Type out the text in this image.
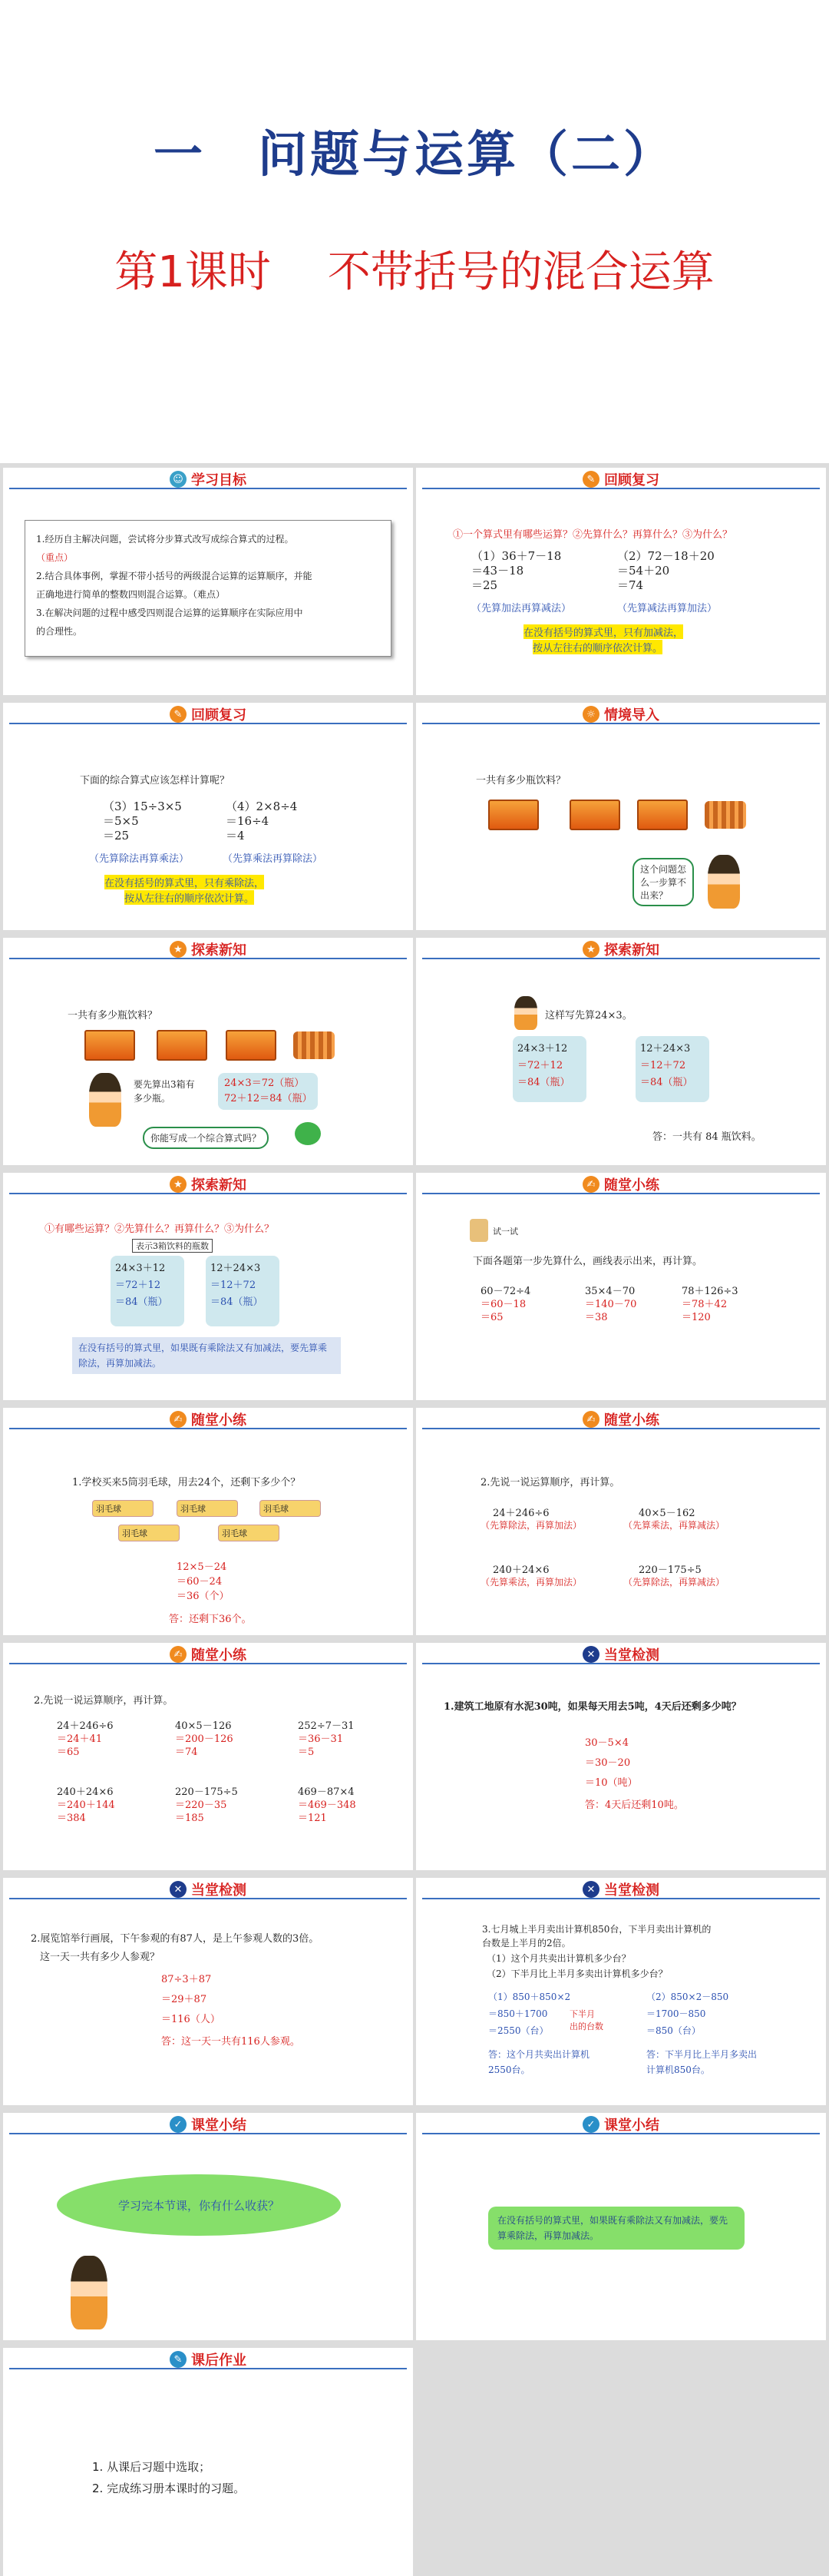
一　问题与运算（二）
第1课时　 不带括号的混合运算
☺ 学习目标
1.经历自主解决问题，尝试将分步算式改写成综合算式的过程。
（重点）
2.结合具体事例，掌握不带小括号的两级混合运算的运算顺序，并能
正确地进行简单的整数四则混合运算。（难点）
3.在解决问题的过程中感受四则混合运算的运算顺序在实际应用中
的合理性。
✎ 回顾复习
①一个算式里有哪些运算？②先算什么？再算什么？③为什么？
（1）36＋7－18
＝43－18
＝25
（2）72－18＋20
＝54＋20
＝74
（先算加法再算减法）	（先算减法再算加法）
在没有括号的算式里，只有加减法，
按从左往右的顺序依次计算。
✎ 回顾复习
下面的综合算式应该怎样计算呢？
（3）15÷3×5
＝5×5
＝25
（4）2×8÷4
＝16÷4
＝4
（先算除法再算乘法）	（先算乘法再算除法）
在没有括号的算式里，只有乘除法，
按从左往右的顺序依次计算。
☼ 情境导入
一共有多少瓶饮料？
这个问题怎么一步算不出来？
★ 探索新知
一共有多少瓶饮料？
要先算出3箱有多少瓶。
24×3＝72（瓶）
72＋12＝84（瓶）
你能写成一个综合算式吗？
★ 探索新知
这样写先算24×3。
24×3＋12
＝72＋12
＝84（瓶）
12＋24×3
＝12＋72
＝84（瓶）
答：一共有 84 瓶饮料。
★ 探索新知
①有哪些运算？②先算什么？再算什么？③为什么？
表示3箱饮料的瓶数
24×3＋12
＝72＋12
＝84（瓶）
12＋24×3
＝12＋72
＝84（瓶）
在没有括号的算式里，如果既有乘除法又有加减法，要先算乘除法，再算加减法。
✍ 随堂小练
试一试
下面各题第一步先算什么，画线表示出来，再计算。
60－72÷4
＝60－18
＝65
35×4－70
＝140－70
＝38
78＋126÷3
＝78＋42
＝120
✍ 随堂小练
1.学校买来5筒羽毛球，用去24个，还剩下多少个？
羽毛球	羽毛球	羽毛球
羽毛球	羽毛球
12×5－24
＝60－24
＝36（个）
答：还剩下36个。
✍ 随堂小练
2.先说一说运算顺序，再计算。
24＋246÷6
（先算除法，再算加法）
40×5－162
（先算乘法，再算减法）
240＋24×6
（先算乘法，再算加法）
220－175÷5
（先算除法，再算减法）
✍ 随堂小练
2.先说一说运算顺序，再计算。
24＋246÷6
＝24＋41
＝65
40×5－126
＝200－126
＝74
252÷7－31
＝36－31
＝5
240＋24×6
＝240＋144
＝384
220－175÷5
＝220－35
＝185
469－87×4
＝469－348
＝121
✕ 当堂检测
1.建筑工地原有水泥30吨，如果每天用去5吨，4天后还剩多少吨？
30－5×4
＝30－20
＝10（吨）
答：4天后还剩10吨。
✕ 当堂检测
2.展览馆举行画展，下午参观的有87人，是上午参观人数的3倍。
这一天一共有多少人参观？
87÷3＋87
＝29＋87
＝116（人）
答：这一天一共有116人参观。
✕ 当堂检测
3.七月城上半月卖出计算机850台，下半月卖出计算机的
台数是上半月的2倍。
（1）这个月共卖出计算机多少台？
（2）下半月比上半月多卖出计算机多少台？
（1）850＋850×2
＝850＋1700
＝2550（台）
下半月
出的台数
（2）850×2－850
＝1700－850
＝850（台）
答：这个月共卖出计算机2550台。
答：下半月比上半月多卖出计算机850台。
✓ 课堂小结
学习完本节课，你有什么收获？
✓ 课堂小结
在没有括号的算式里，如果既有乘除法又有加减法，要先算乘除法，再算加减法。
✎ 课后作业
1. 从课后习题中选取；
2. 完成练习册本课时的习题。
